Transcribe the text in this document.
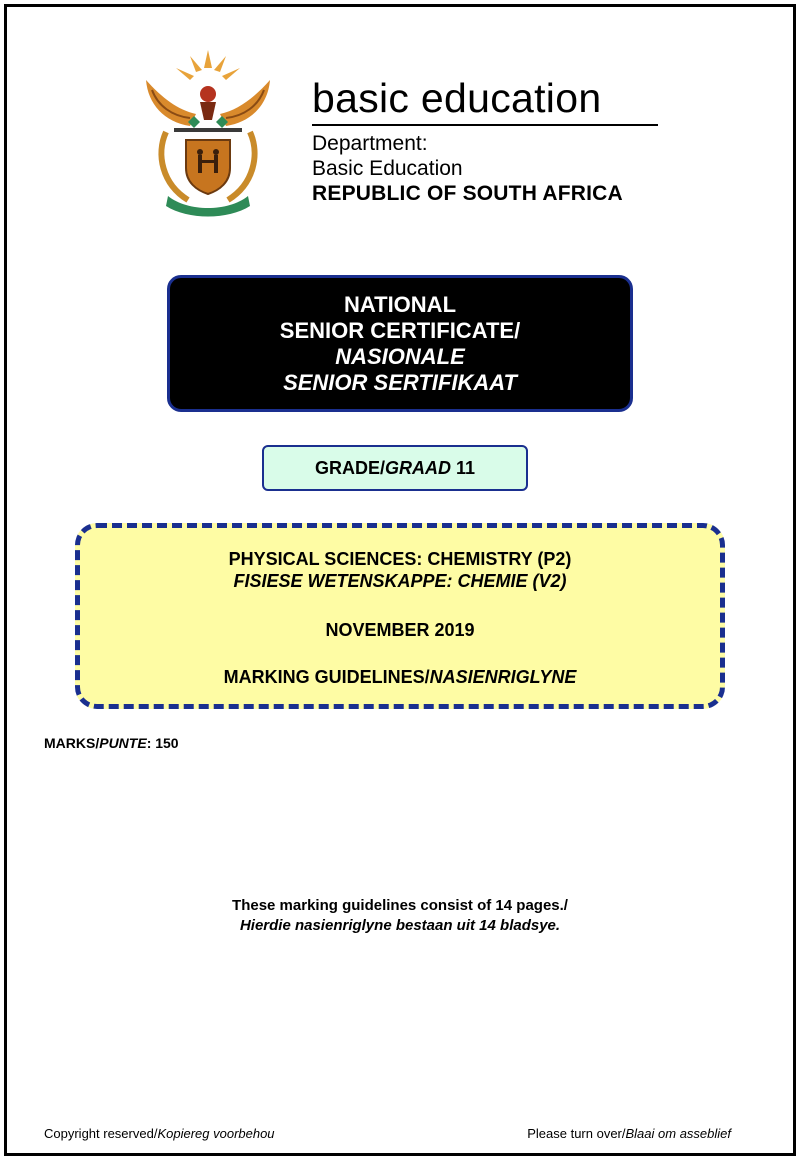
basic education
Department:
Basic Education
REPUBLIC OF SOUTH AFRICA
NATIONAL
SENIOR CERTIFICATE/
NASIONALE
SENIOR SERTIFIKAAT
GRADE/GRAAD 11
PHYSICAL SCIENCES: CHEMISTRY (P2)
FISIESE WETENSKAPPE: CHEMIE (V2)
NOVEMBER 2019
MARKING GUIDELINES/NASIENRIGLYNE
MARKS/PUNTE: 150
These marking guidelines consist of 14 pages./
Hierdie nasienriglyne bestaan uit 14 bladsye.
Copyright reserved/Kopiereg voorbehou	Please turn over/Blaai om asseblief
